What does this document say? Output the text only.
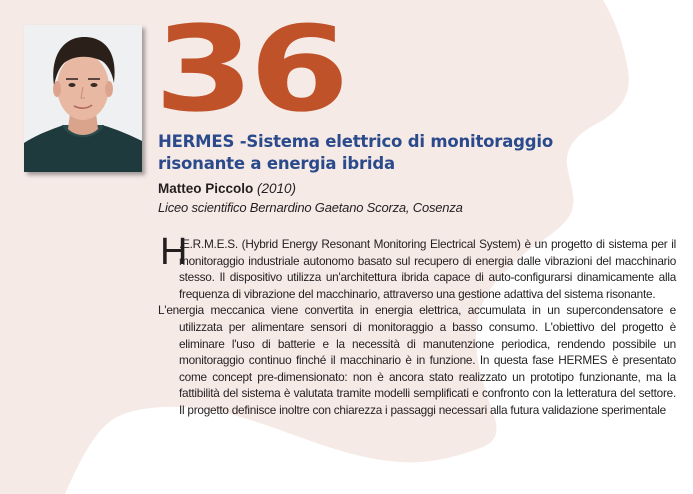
36
HERMES -Sistema elettrico di monitoraggio risonante a energia ibrida
Matteo Piccolo (2010)
Liceo scientifico Bernardino Gaetano Scorza, Cosenza

H
.E.R.M.E.S. (Hybrid Energy Resonant Monitoring Electrical System) è un progetto di sistema per il monitoraggio industriale autonomo basato sul recupero di energia dalle vibrazioni del macchinario stesso. Il dispositivo utilizza un'architettura ibrida capace di auto-configurarsi dinamicamente alla frequenza di vibrazione del macchinario, attraverso una gestione adattiva del sistema risonante.

L'energia meccanica viene convertita in energia elettrica, accumulata in un supercondensatore e utilizzata per alimentare sensori di monitoraggio a basso consumo. L'obiettivo del progetto è eliminare l'uso di batterie e la necessità di manutenzione periodica, rendendo possibile un monitoraggio continuo finché il macchinario è in funzione. In questa fase HERMES è presentato come concept pre-dimensionato: non è ancora stato realizzato un prototipo funzionante, ma la fattibilità del sistema è valutata tramite modelli semplificati e confronto con la letteratura del settore. Il progetto definisce inoltre con chiarezza i passaggi necessari alla futura validazione sperimentale
